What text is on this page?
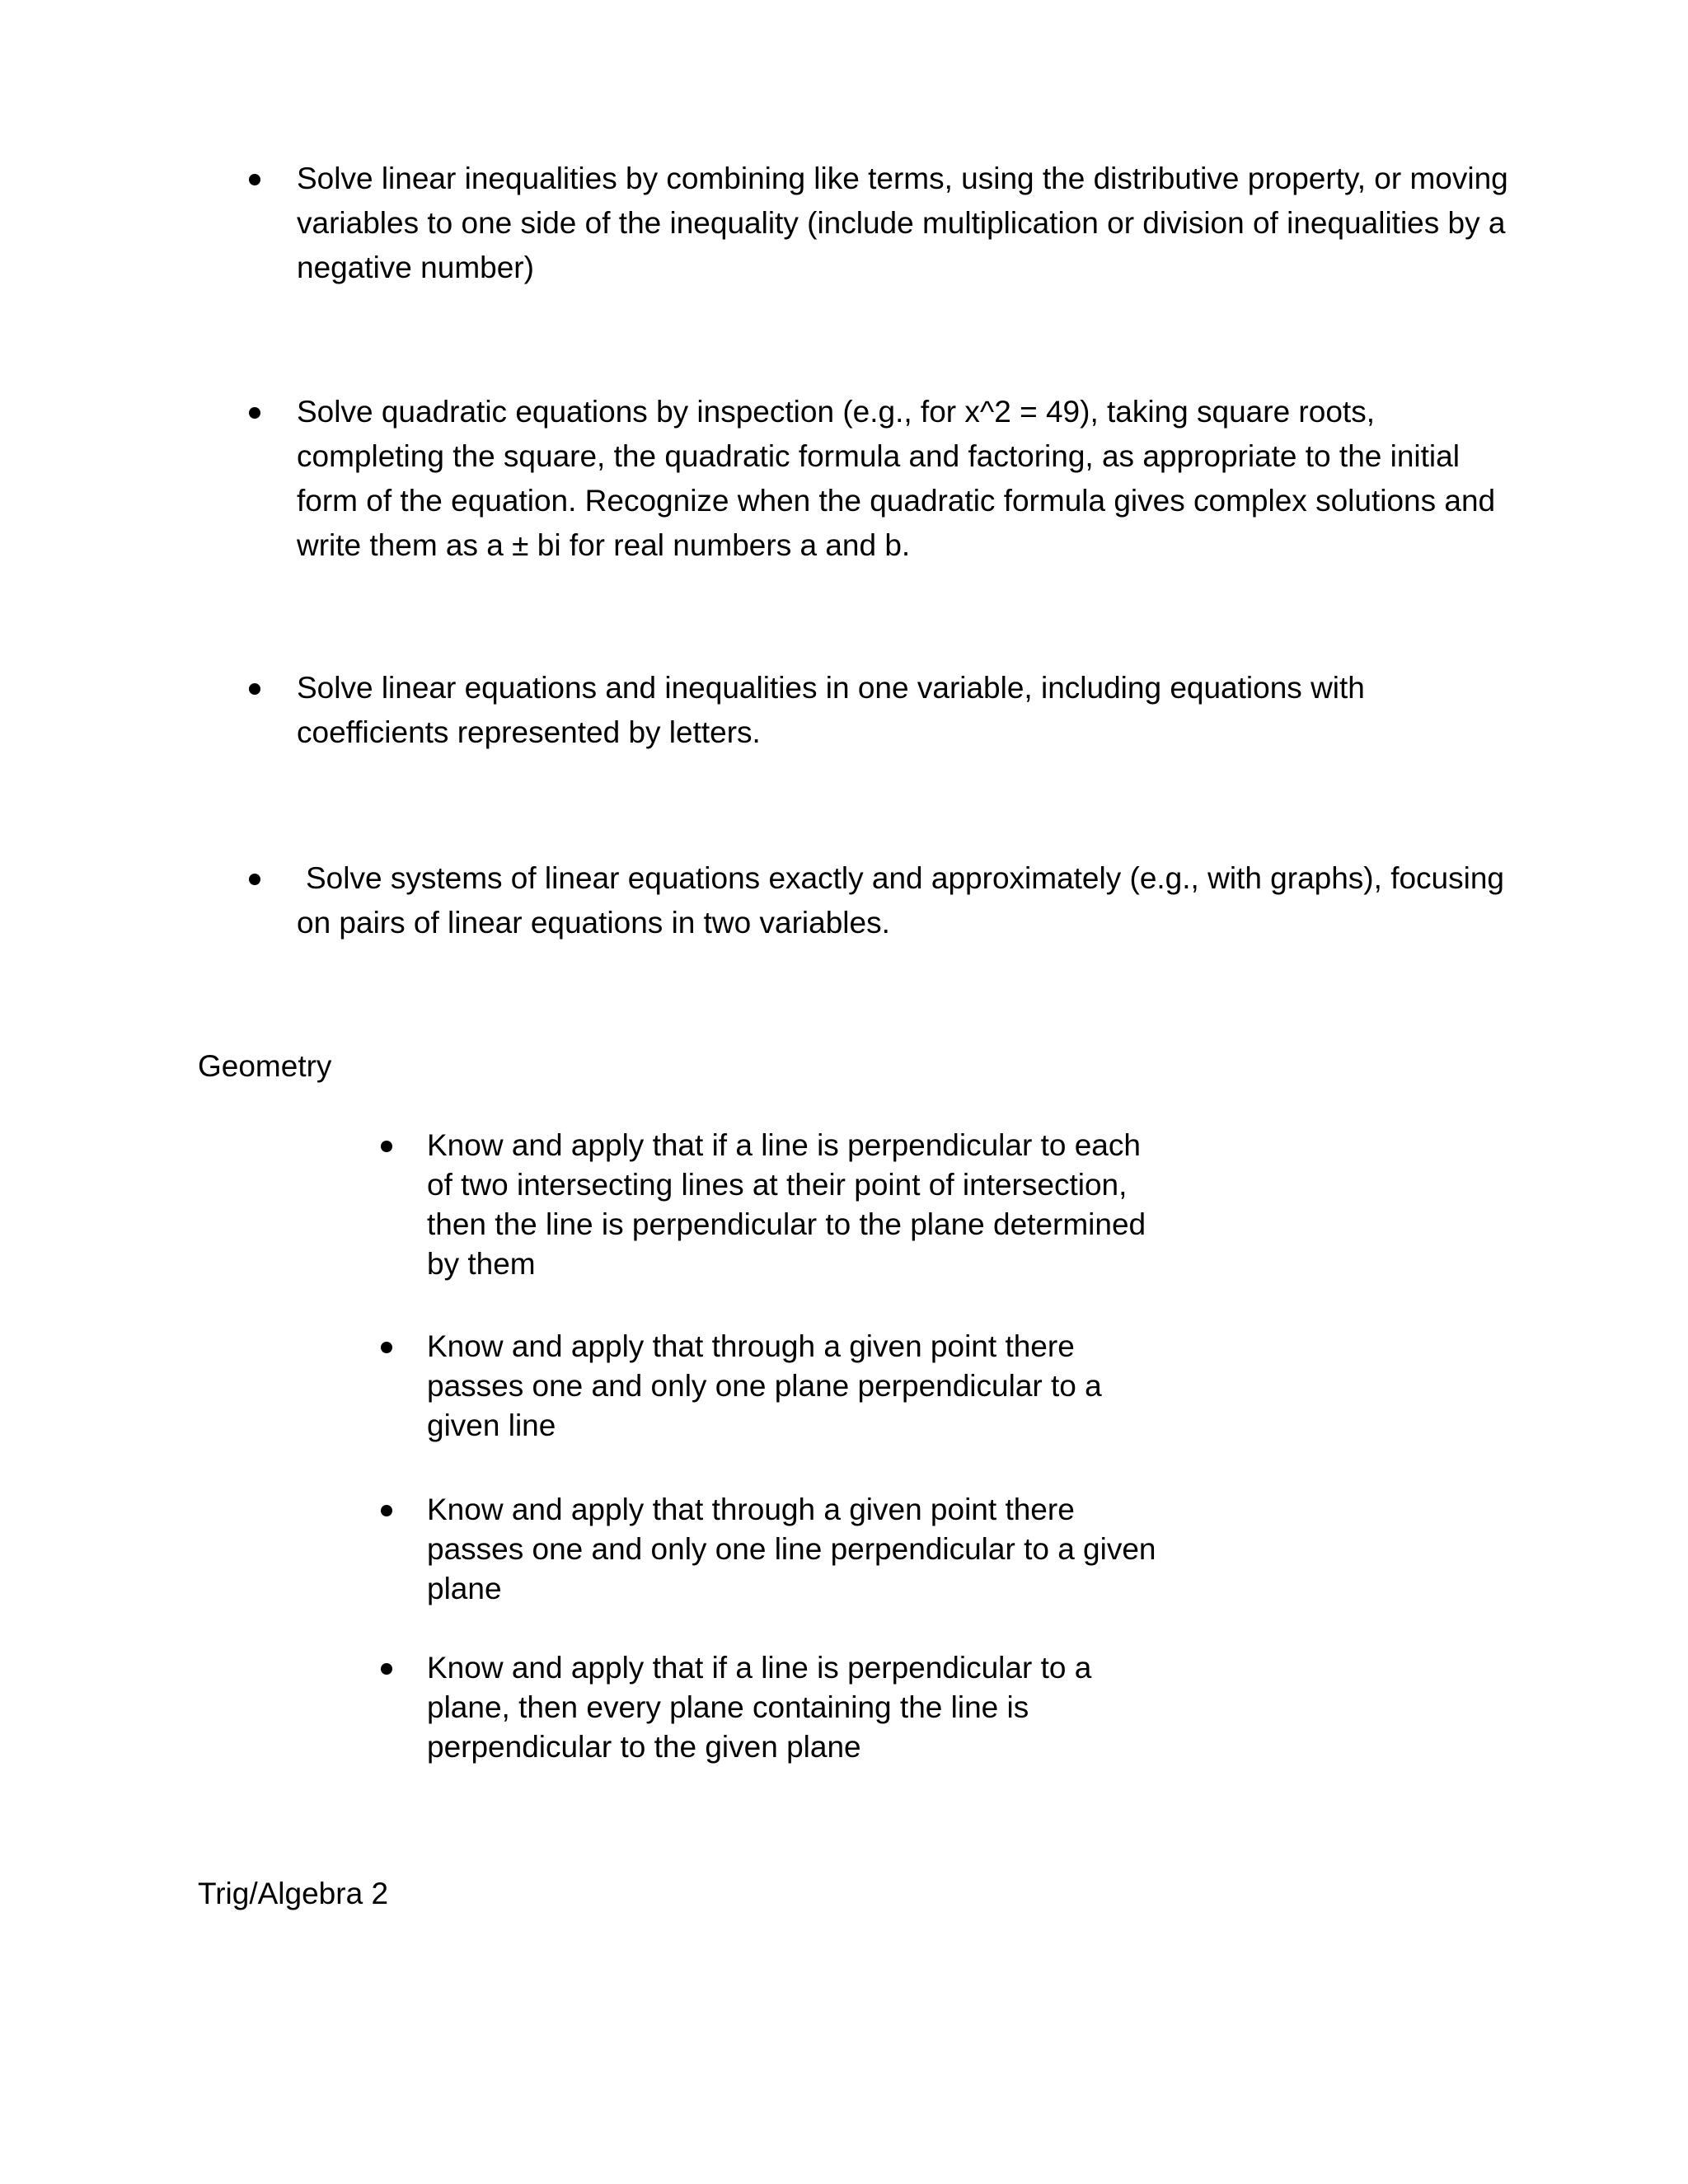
Solve linear inequalities by combining like terms, using the distributive property, or moving variables to one side of the inequality (include multiplication or division of inequalities by a negative number)
Solve quadratic equations by inspection (e.g., for x^2 = 49), taking square roots, completing the square, the quadratic formula and factoring, as appropriate to the initial form of the equation. Recognize when the quadratic formula gives complex solutions and write them as a ± bi for real numbers a and b.
Solve linear equations and inequalities in one variable, including equations with coefficients represented by letters.
Solve systems of linear equations exactly and approximately (e.g., with graphs), focusing on pairs of linear equations in two variables.
Geometry
Know and apply that if a line is perpendicular to each of two intersecting lines at their point of intersection, then the line is perpendicular to the plane determined by them
Know and apply that through a given point there passes one and only one plane perpendicular to a given line
Know and apply that through a given point there passes one and only one line perpendicular to a given plane
Know and apply that if a line is perpendicular to a plane, then every plane containing the line is perpendicular to the given plane
Trig/Algebra 2
